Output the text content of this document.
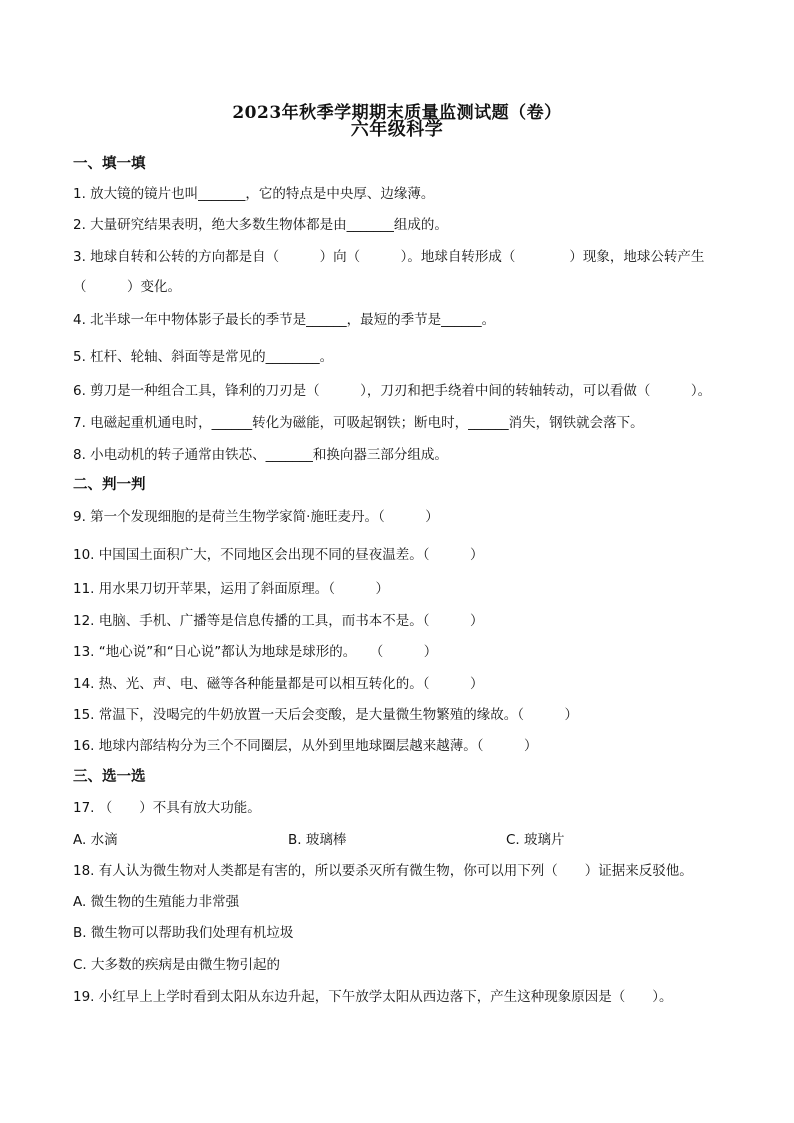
2023年秋季学期期末质量监测试题（卷）
六年级科学
一、填一填
1. 放大镜的镜片也叫_______，它的特点是中央厚、边缘薄。
2. 大量研究结果表明，绝大多数生物体都是由_______组成的。
3. 地球自转和公转的方向都是自（　　　）向（　　　）。地球自转形成（　　　　）现象，地球公转产生
（　　　）变化。
4. 北半球一年中物体影子最长的季节是______，最短的季节是______。
5. 杠杆、轮轴、斜面等是常见的________。
6. 剪刀是一种组合工具，锋利的刀刃是（　　　），刀刃和把手绕着中间的转轴转动，可以看做（　　　）。
7. 电磁起重机通电时，______转化为磁能，可吸起钢铁；断电时，______消失，钢铁就会落下。
8. 小电动机的转子通常由铁芯、_______和换向器三部分组成。
二、判一判
9. 第一个发现细胞的是荷兰生物学家简·施旺麦丹。（　　　）
10. 中国国土面积广大，不同地区会出现不同的昼夜温差。（　　　）
11. 用水果刀切开苹果，运用了斜面原理。（　　　）
12. 电脑、手机、广播等是信息传播的工具，而书本不是。（　　　）
13. “地心说”和“日心说”都认为地球是球形的。　　（　　　）
14. 热、光、声、电、磁等各种能量都是可以相互转化的。（　　　）
15. 常温下，没喝完的牛奶放置一天后会变酸，是大量微生物繁殖的缘故。（　　　）
16. 地球内部结构分为三个不同圈层，从外到里地球圈层越来越薄。（　　　）
三、选一选
17. （　　）不具有放大功能。
A. 水滴	B. 玻璃棒	C. 玻璃片
18. 有人认为微生物对人类都是有害的，所以要杀灭所有微生物，你可以用下列（　　）证据来反驳他。
A. 微生物的生殖能力非常强
B. 微生物可以帮助我们处理有机垃圾
C. 大多数的疾病是由微生物引起的
19. 小红早上上学时看到太阳从东边升起，下午放学太阳从西边落下，产生这种现象原因是（　　）。
